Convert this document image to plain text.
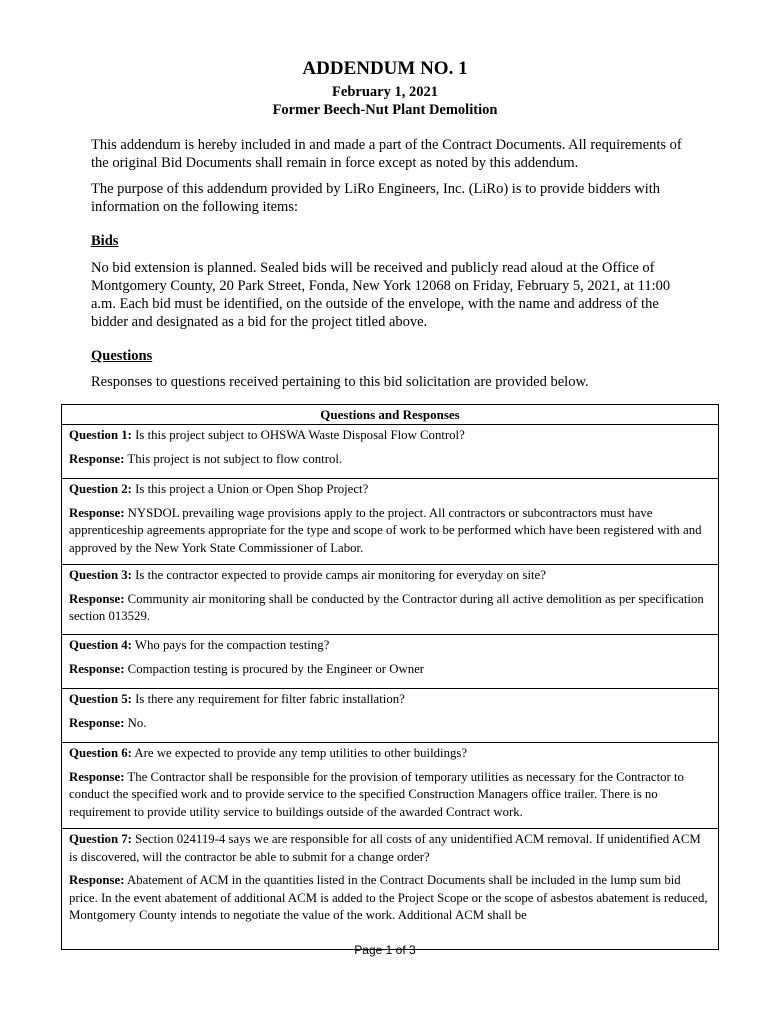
ADDENDUM NO. 1
February 1, 2021
Former Beech-Nut Plant Demolition
This addendum is hereby included in and made a part of the Contract Documents. All requirements of the original Bid Documents shall remain in force except as noted by this addendum.
The purpose of this addendum provided by LiRo Engineers, Inc. (LiRo) is to provide bidders with information on the following items:
Bids
No bid extension is planned. Sealed bids will be received and publicly read aloud at the Office of Montgomery County, 20 Park Street, Fonda, New York 12068 on Friday, February 5, 2021, at 11:00 a.m. Each bid must be identified, on the outside of the envelope, with the name and address of the bidder and designated as a bid for the project titled above.
Questions
Responses to questions received pertaining to this bid solicitation are provided below.
Questions and Responses

Question 1: Is this project subject to OHSWA Waste Disposal Flow Control?

Response: This project is not subject to flow control.

Question 2: Is this project a Union or Open Shop Project?

Response: NYSDOL prevailing wage provisions apply to the project. All contractors or subcontractors must have apprenticeship agreements appropriate for the type and scope of work to be performed which have been registered with and approved by the New York State Commissioner of Labor.

Question 3: Is the contractor expected to provide camps air monitoring for everyday on site?

Response: Community air monitoring shall be conducted by the Contractor during all active demolition as per specification section 013529.

Question 4: Who pays for the compaction testing?

Response: Compaction testing is procured by the Engineer or Owner

Question 5: Is there any requirement for filter fabric installation?

Response: No.

Question 6: Are we expected to provide any temp utilities to other buildings?

Response: The Contractor shall be responsible for the provision of temporary utilities as necessary for the Contractor to conduct the specified work and to provide service to the specified Construction Managers office trailer. There is no requirement to provide utility service to buildings outside of the awarded Contract work.

Question 7: Section 024119-4 says we are responsible for all costs of any unidentified ACM removal. If unidentified ACM is discovered, will the contractor be able to submit for a change order?

Response: Abatement of ACM in the quantities listed in the Contract Documents shall be included in the lump sum bid price. In the event abatement of additional ACM is added to the Project Scope or the scope of asbestos abatement is reduced, Montgomery County intends to negotiate the value of the work. Additional ACM shall be

Page 1 of 3
